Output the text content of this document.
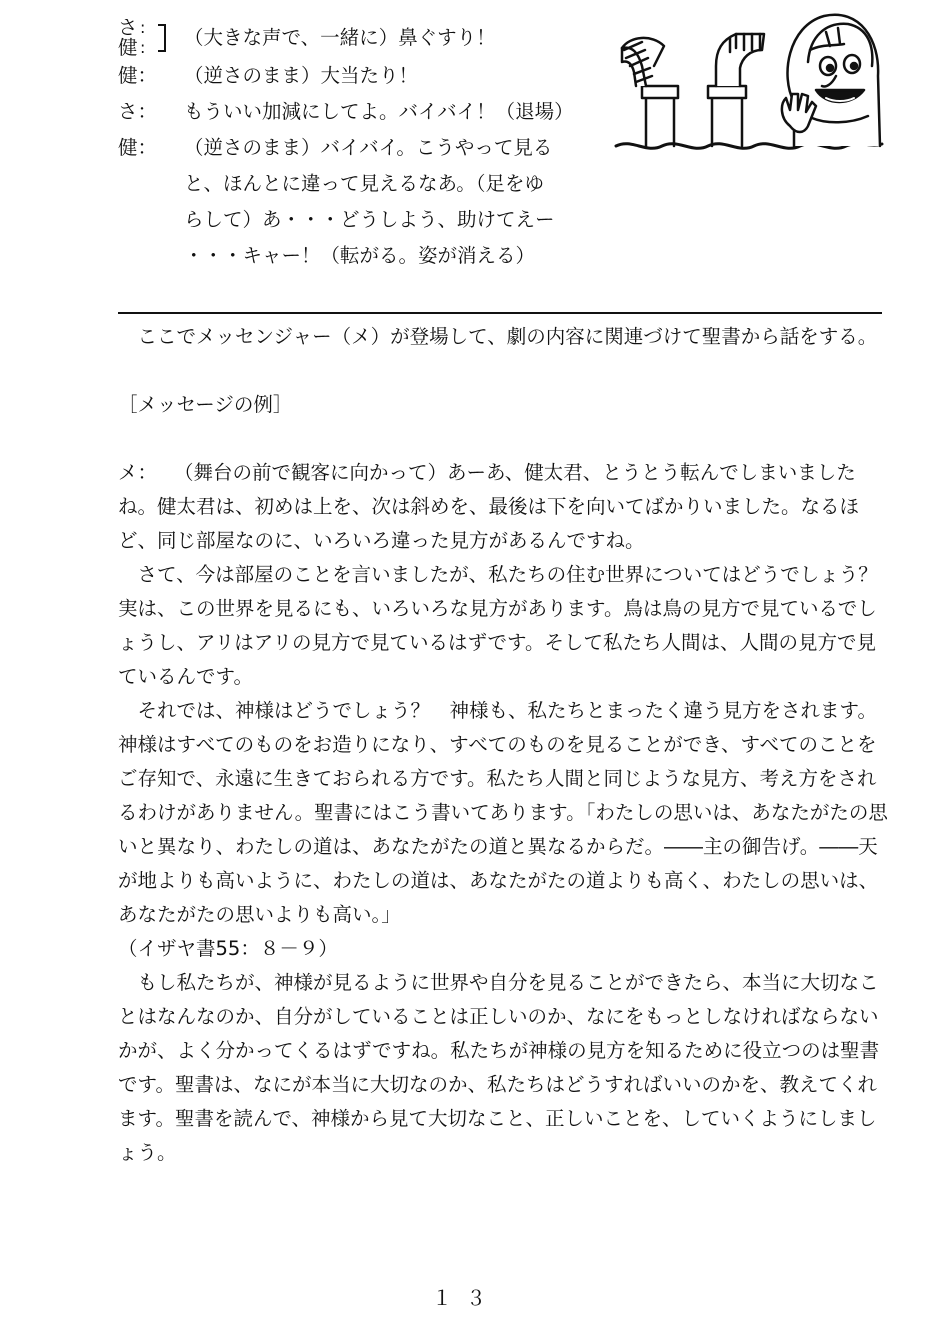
さ :
健 : （大きな声で、一緒に）鼻ぐすり！
健：	（逆さのまま）大当たり！
さ：	もういい加減にしてよ。バイバイ！（退場）
健：	（逆さのまま）バイバイ。こうやって見る
と、ほんとに違って見えるなあ。（足をゆ
らして）あ・・・どうしよう、助けてえー
・・・キャー！（転がる。姿が消える）

ここでメッセンジャー（メ）が登場して、劇の内容に関連づけて聖書から話をする。

［メッセージの例］

メ： （舞台の前で観客に向かって）あーあ、健太君、とうとう転んでしまいましたね。健太君は、初めは上を、次は斜めを、最後は下を向いてばかりいました。なるほど、同じ部屋なのに、いろいろ違った見方があるんですね。

さて、今は部屋のことを言いましたが、私たちの住む世界についてはどうでしょう？　実は、この世界を見るにも、いろいろな見方があります。鳥は鳥の見方で見ているでしょうし、アリはアリの見方で見ているはずです。そして私たち人間は、人間の見方で見ているんです。

それでは、神様はどうでしょう？　神様も、私たちとまったく違う見方をされます。神様はすべてのものをお造りになり、すべてのものを見ることができ、すべてのことをご存知で、永遠に生きておられる方です。私たち人間と同じような見方、考え方をされるわけがありません。聖書にはこう書いてあります。「わたしの思いは、あなたがたの思いと異なり、わたしの道は、あなたがたの道と異なるからだ。――主の御告げ。――天が地よりも高いように、わたしの道は、あなたがたの道よりも高く、わたしの思いは、あなたがたの思いよりも高い。」

（イザヤ書55：８－９）

もし私たちが、神様が見るように世界や自分を見ることができたら、本当に大切なことはなんなのか、自分がしていることは正しいのか、なにをもっとしなければならないかが、よく分かってくるはずですね。私たちが神様の見方を知るために役立つのは聖書です。聖書は、なにが本当に大切なのか、私たちはどうすればいいのかを、教えてくれます。聖書を読んで、神様から見て大切なこと、正しいことを、していくようにしましょう。

１３
